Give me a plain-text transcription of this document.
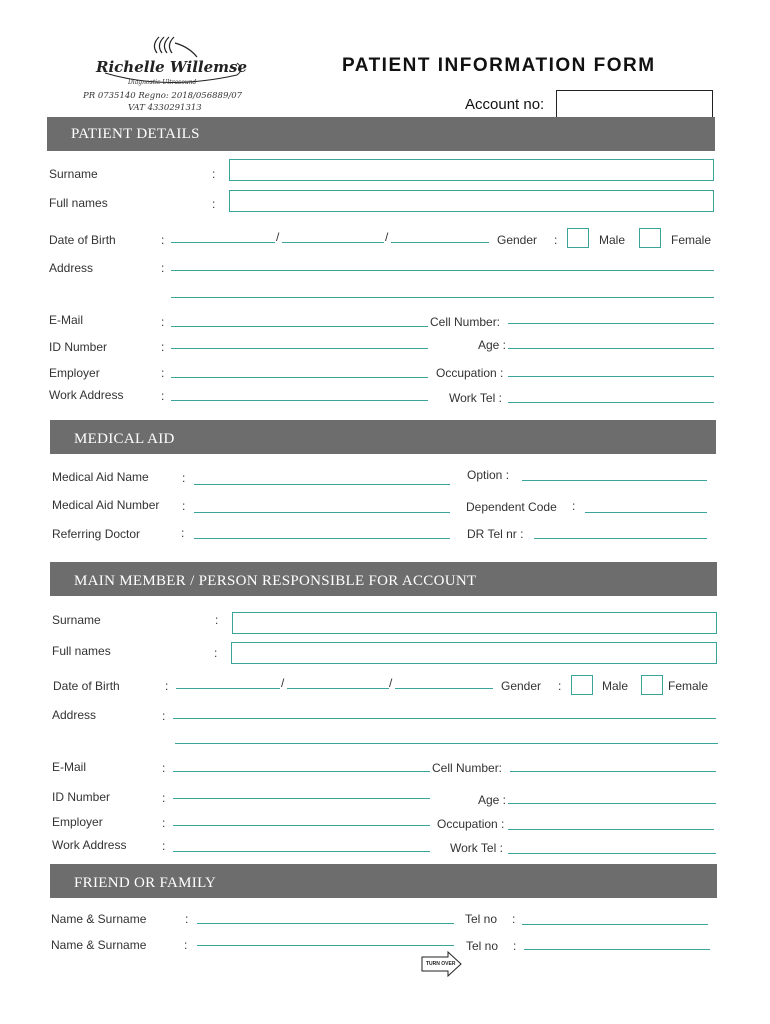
Richelle Willemse
Diagnostic Ultrasound
PR 0735140 Regno: 2018/056889/07
VAT 4330291313
PATIENT INFORMATION FORM
Account no:
PATIENT DETAILS
Surname	:
Full names	:
Date of Birth	:	/	/	Gender :	Male	Female
Address	:
E-Mail	:	Cell Number:
ID Number	:	Age :
Employer	:	Occupation :
Work Address	:	Work Tel :
MEDICAL AID
Medical Aid Name	:	Option :
Medical Aid Number :	Dependent Code :
Referring Doctor	:	DR Tel nr :
MAIN MEMBER / PERSON RESPONSIBLE FOR ACCOUNT
Surname	:
Full names	:
Date of Birth	:	/	/	Gender :	Male	Female
Address	:
E-Mail	:	Cell Number:
ID Number	:	Age :
Employer	:	Occupation :
Work Address	:	Work Tel :
FRIEND OR FAMILY
Name & Surname	:	Tel no :
Name & Surname	:	Tel no :
TURN OVER
